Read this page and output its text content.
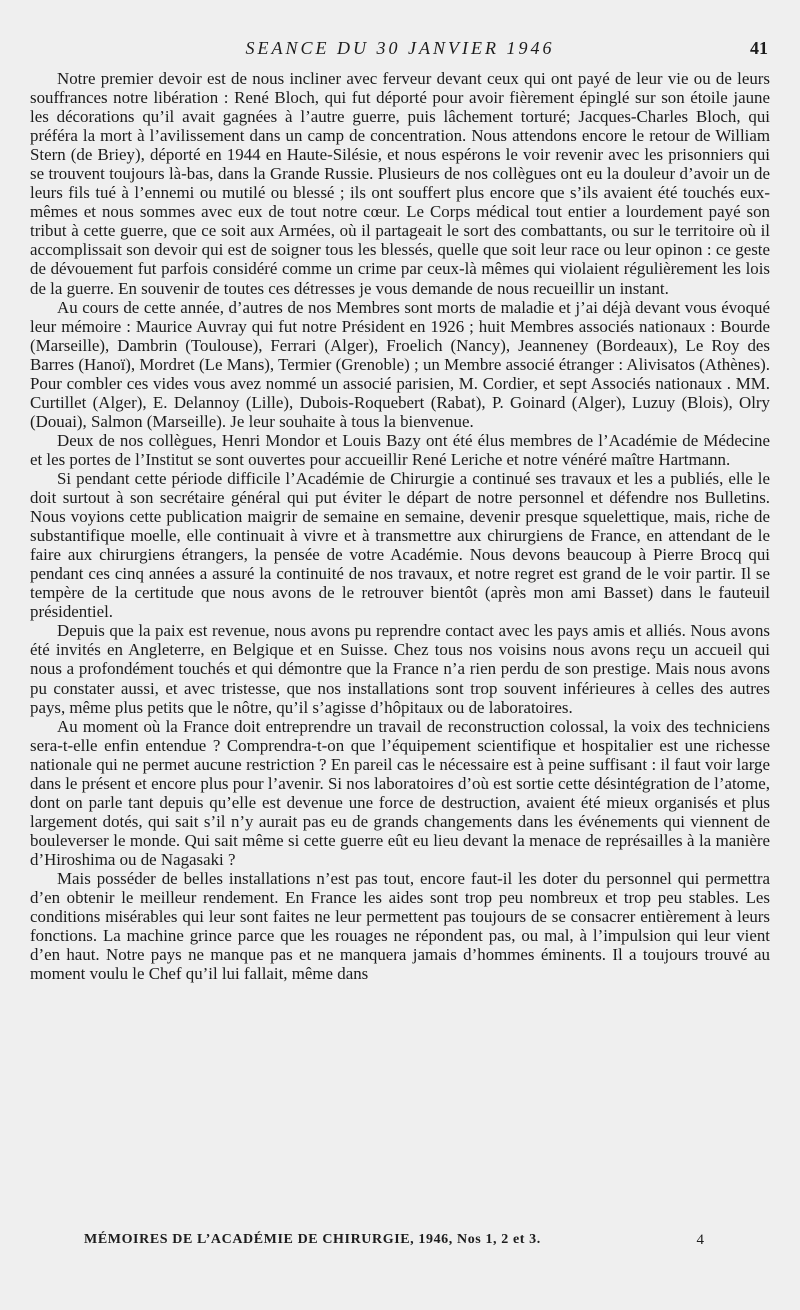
SEANCE DU 30 JANVIER 1946	41

Notre premier devoir est de nous incliner avec ferveur devant ceux qui ont payé de leur vie ou de leurs souffrances notre libération : René Bloch, qui fut déporté pour avoir fièrement épinglé sur son étoile jaune les décorations qu’il avait gagnées à l’autre guerre, puis lâchement torturé; Jacques-Charles Bloch, qui préféra la mort à l’avilissement dans un camp de concentration. Nous attendons encore le retour de William Stern (de Briey), déporté en 1944 en Haute-Silésie, et nous espérons le voir revenir avec les prisonniers qui se trouvent toujours là-bas, dans la Grande Russie. Plusieurs de nos collègues ont eu la douleur d’avoir un de leurs fils tué à l’ennemi ou mutilé ou blessé ; ils ont souffert plus encore que s’ils avaient été touchés eux-mêmes et nous sommes avec eux de tout notre cœur. Le Corps médical tout entier a lourdement payé son tribut à cette guerre, que ce soit aux Armées, où il partageait le sort des combattants, ou sur le territoire où il accomplissait son devoir qui est de soigner tous les blessés, quelle que soit leur race ou leur opinon : ce geste de dévouement fut parfois considéré comme un crime par ceux-là mêmes qui violaient régulièrement les lois de la guerre. En souvenir de toutes ces détresses je vous demande de nous recueillir un instant.

Au cours de cette année, d’autres de nos Membres sont morts de maladie et j’ai déjà devant vous évoqué leur mémoire : Maurice Auvray qui fut notre Président en 1926 ; huit Membres associés nationaux : Bourde (Marseille), Dambrin (Toulouse), Ferrari (Alger), Froelich (Nancy), Jeanneney (Bordeaux), Le Roy des Barres (Hanoï), Mordret (Le Mans), Termier (Grenoble) ; un Membre associé étranger : Alivisatos (Athènes). Pour combler ces vides vous avez nommé un associé parisien, M. Cordier, et sept Associés nationaux . MM. Curtillet (Alger), E. Delannoy (Lille), Dubois-Roquebert (Rabat), P. Goinard (Alger), Luzuy (Blois), Olry (Douai), Salmon (Marseille). Je leur souhaite à tous la bienvenue.

Deux de nos collègues, Henri Mondor et Louis Bazy ont été élus membres de l’Académie de Médecine et les portes de l’Institut se sont ouvertes pour accueillir René Leriche et notre vénéré maître Hartmann.

Si pendant cette période difficile l’Académie de Chirurgie a continué ses travaux et les a publiés, elle le doit surtout à son secrétaire général qui put éviter le départ de notre personnel et défendre nos Bulletins. Nous voyions cette publication maigrir de semaine en semaine, devenir presque squelettique, mais, riche de substantifique moelle, elle continuait à vivre et à transmettre aux chirurgiens de France, en attendant de le faire aux chirurgiens étrangers, la pensée de votre Académie. Nous devons beaucoup à Pierre Brocq qui pendant ces cinq années a assuré la continuité de nos travaux, et notre regret est grand de le voir partir. Il se tempère de la certitude que nous avons de le retrouver bientôt (après mon ami Basset) dans le fauteuil présidentiel.

Depuis que la paix est revenue, nous avons pu reprendre contact avec les pays amis et alliés. Nous avons été invités en Angleterre, en Belgique et en Suisse. Chez tous nos voisins nous avons reçu un accueil qui nous a profondément touchés et qui démontre que la France n’a rien perdu de son prestige. Mais nous avons pu constater aussi, et avec tristesse, que nos installations sont trop souvent inférieures à celles des autres pays, même plus petits que le nôtre, qu’il s’agisse d’hôpitaux ou de laboratoires.

Au moment où la France doit entreprendre un travail de reconstruction colossal, la voix des techniciens sera-t-elle enfin entendue ? Comprendra-t-on que l’équipement scientifique et hospitalier est une richesse nationale qui ne permet aucune restriction ? En pareil cas le nécessaire est à peine suffisant : il faut voir large dans le présent et encore plus pour l’avenir. Si nos laboratoires d’où est sortie cette désintégration de l’atome, dont on parle tant depuis qu’elle est devenue une force de destruction, avaient été mieux organisés et plus largement dotés, qui sait s’il n’y aurait pas eu de grands changements dans les événements qui viennent de bouleverser le monde. Qui sait même si cette guerre eût eu lieu devant la menace de représailles à la manière d’Hiroshima ou de Nagasaki ?

Mais posséder de belles installations n’est pas tout, encore faut-il les doter du personnel qui permettra d’en obtenir le meilleur rendement. En France les aides sont trop peu nombreux et trop peu stables. Les conditions misérables qui leur sont faites ne leur permettent pas toujours de se consacrer entièrement à leurs fonctions. La machine grince parce que les rouages ne répondent pas, ou mal, à l’impulsion qui leur vient d’en haut. Notre pays ne manque pas et ne manquera jamais d’hommes éminents. Il a toujours trouvé au moment voulu le Chef qu’il lui fallait, même dans

MÉMOIRES DE L’ACADÉMIE DE CHIRURGIE, 1946, Nos 1, 2 et 3.	4
